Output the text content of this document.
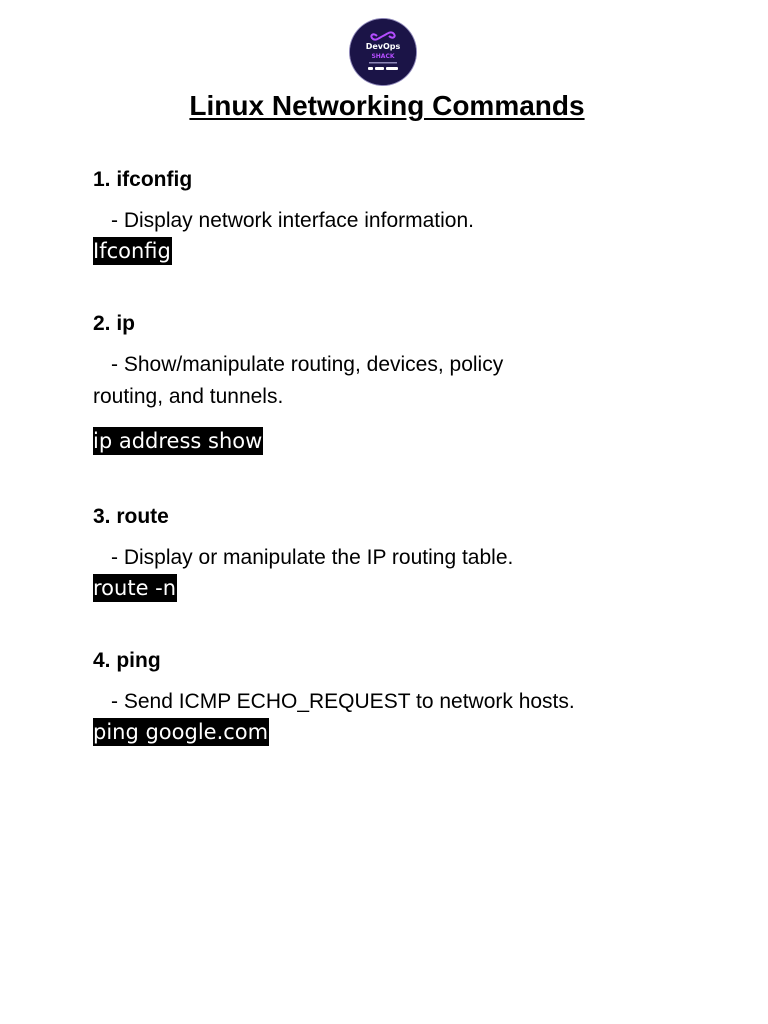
DevOps
SHACK
Linux Networking Commands
1. ifconfig
- Display network interface information.
Ifconfig
2. ip
- Show/manipulate routing, devices, policy
routing, and tunnels.
ip address show
3. route
- Display or manipulate the IP routing table.
route -n
4. ping
- Send ICMP ECHO_REQUEST to network hosts.
ping google.com
